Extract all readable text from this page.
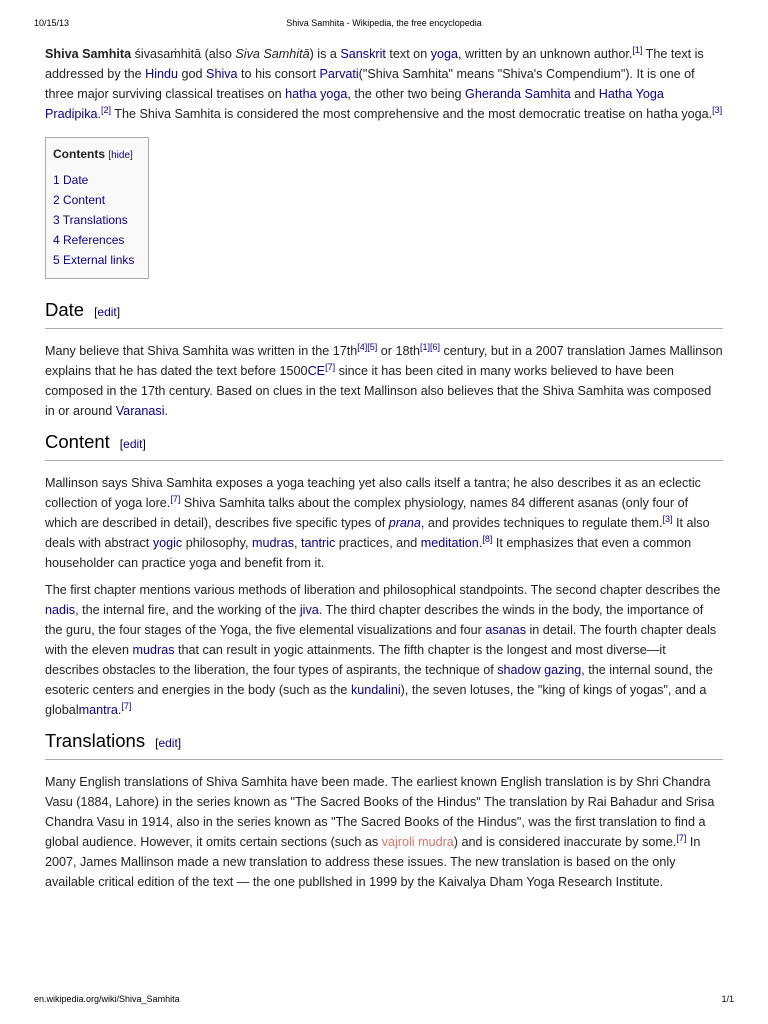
10/15/13	Shiva Samhita - Wikipedia, the free encyclopedia

Shiva Samhita śivasaṁhitā (also Siva Samhitā) is a Sanskrit text on yoga, written by an unknown author.[1] The text is addressed by the Hindu god Shiva to his consort Parvati("Shiva Samhita" means "Shiva's Compendium"). It is one of three major surviving classical treatises on hatha yoga, the other two being Gheranda Samhita and Hatha Yoga Pradipika.[2] The Shiva Samhita is considered the most comprehensive and the most democratic treatise on hatha yoga.[3]

Contents [hide]
1 Date
2 Content
3 Translations
4 References
5 External links
Date [edit]

Many believe that Shiva Samhita was written in the 17th[4][5] or 18th[1][6] century, but in a 2007 translation James Mallinson explains that he has dated the text before 1500CE[7] since it has been cited in many works believed to have been composed in the 17th century. Based on clues in the text Mallinson also believes that the Shiva Samhita was composed in or around Varanasi.

Content [edit]

Mallinson says Shiva Samhita exposes a yoga teaching yet also calls itself a tantra; he also describes it as an eclectic collection of yoga lore.[7] Shiva Samhita talks about the complex physiology, names 84 different asanas (only four of which are described in detail), describes five specific types of prana, and provides techniques to regulate them.[3] It also deals with abstract yogic philosophy, mudras, tantric practices, and meditation.[8] It emphasizes that even a common householder can practice yoga and benefit from it.

The first chapter mentions various methods of liberation and philosophical standpoints. The second chapter describes the nadis, the internal fire, and the working of the jiva. The third chapter describes the winds in the body, the importance of the guru, the four stages of the Yoga, the five elemental visualizations and four asanas in detail. The fourth chapter deals with the eleven mudras that can result in yogic attainments. The fifth chapter is the longest and most diverse—it describes obstacles to the liberation, the four types of aspirants, the technique of shadow gazing, the internal sound, the esoteric centers and energies in the body (such as the kundalini), the seven lotuses, the "king of kings of yogas", and a globalmantra.[7]

Translations [edit]

Many English translations of Shiva Samhita have been made. The earliest known English translation is by Shri Chandra Vasu (1884, Lahore) in the series known as "The Sacred Books of the Hindus" The translation by Rai Bahadur and Srisa Chandra Vasu in 1914, also in the series known as "The Sacred Books of the Hindus", was the first translation to find a global audience. However, it omits certain sections (such as vajroli mudra) and is considered inaccurate by some.[7] In 2007, James Mallinson made a new translation to address these issues. The new translation is based on the only available critical edition of the text — the one publlshed in 1999 by the Kaivalya Dham Yoga Research Institute.

en.wikipedia.org/wiki/Shiva_Samhita	1/1
